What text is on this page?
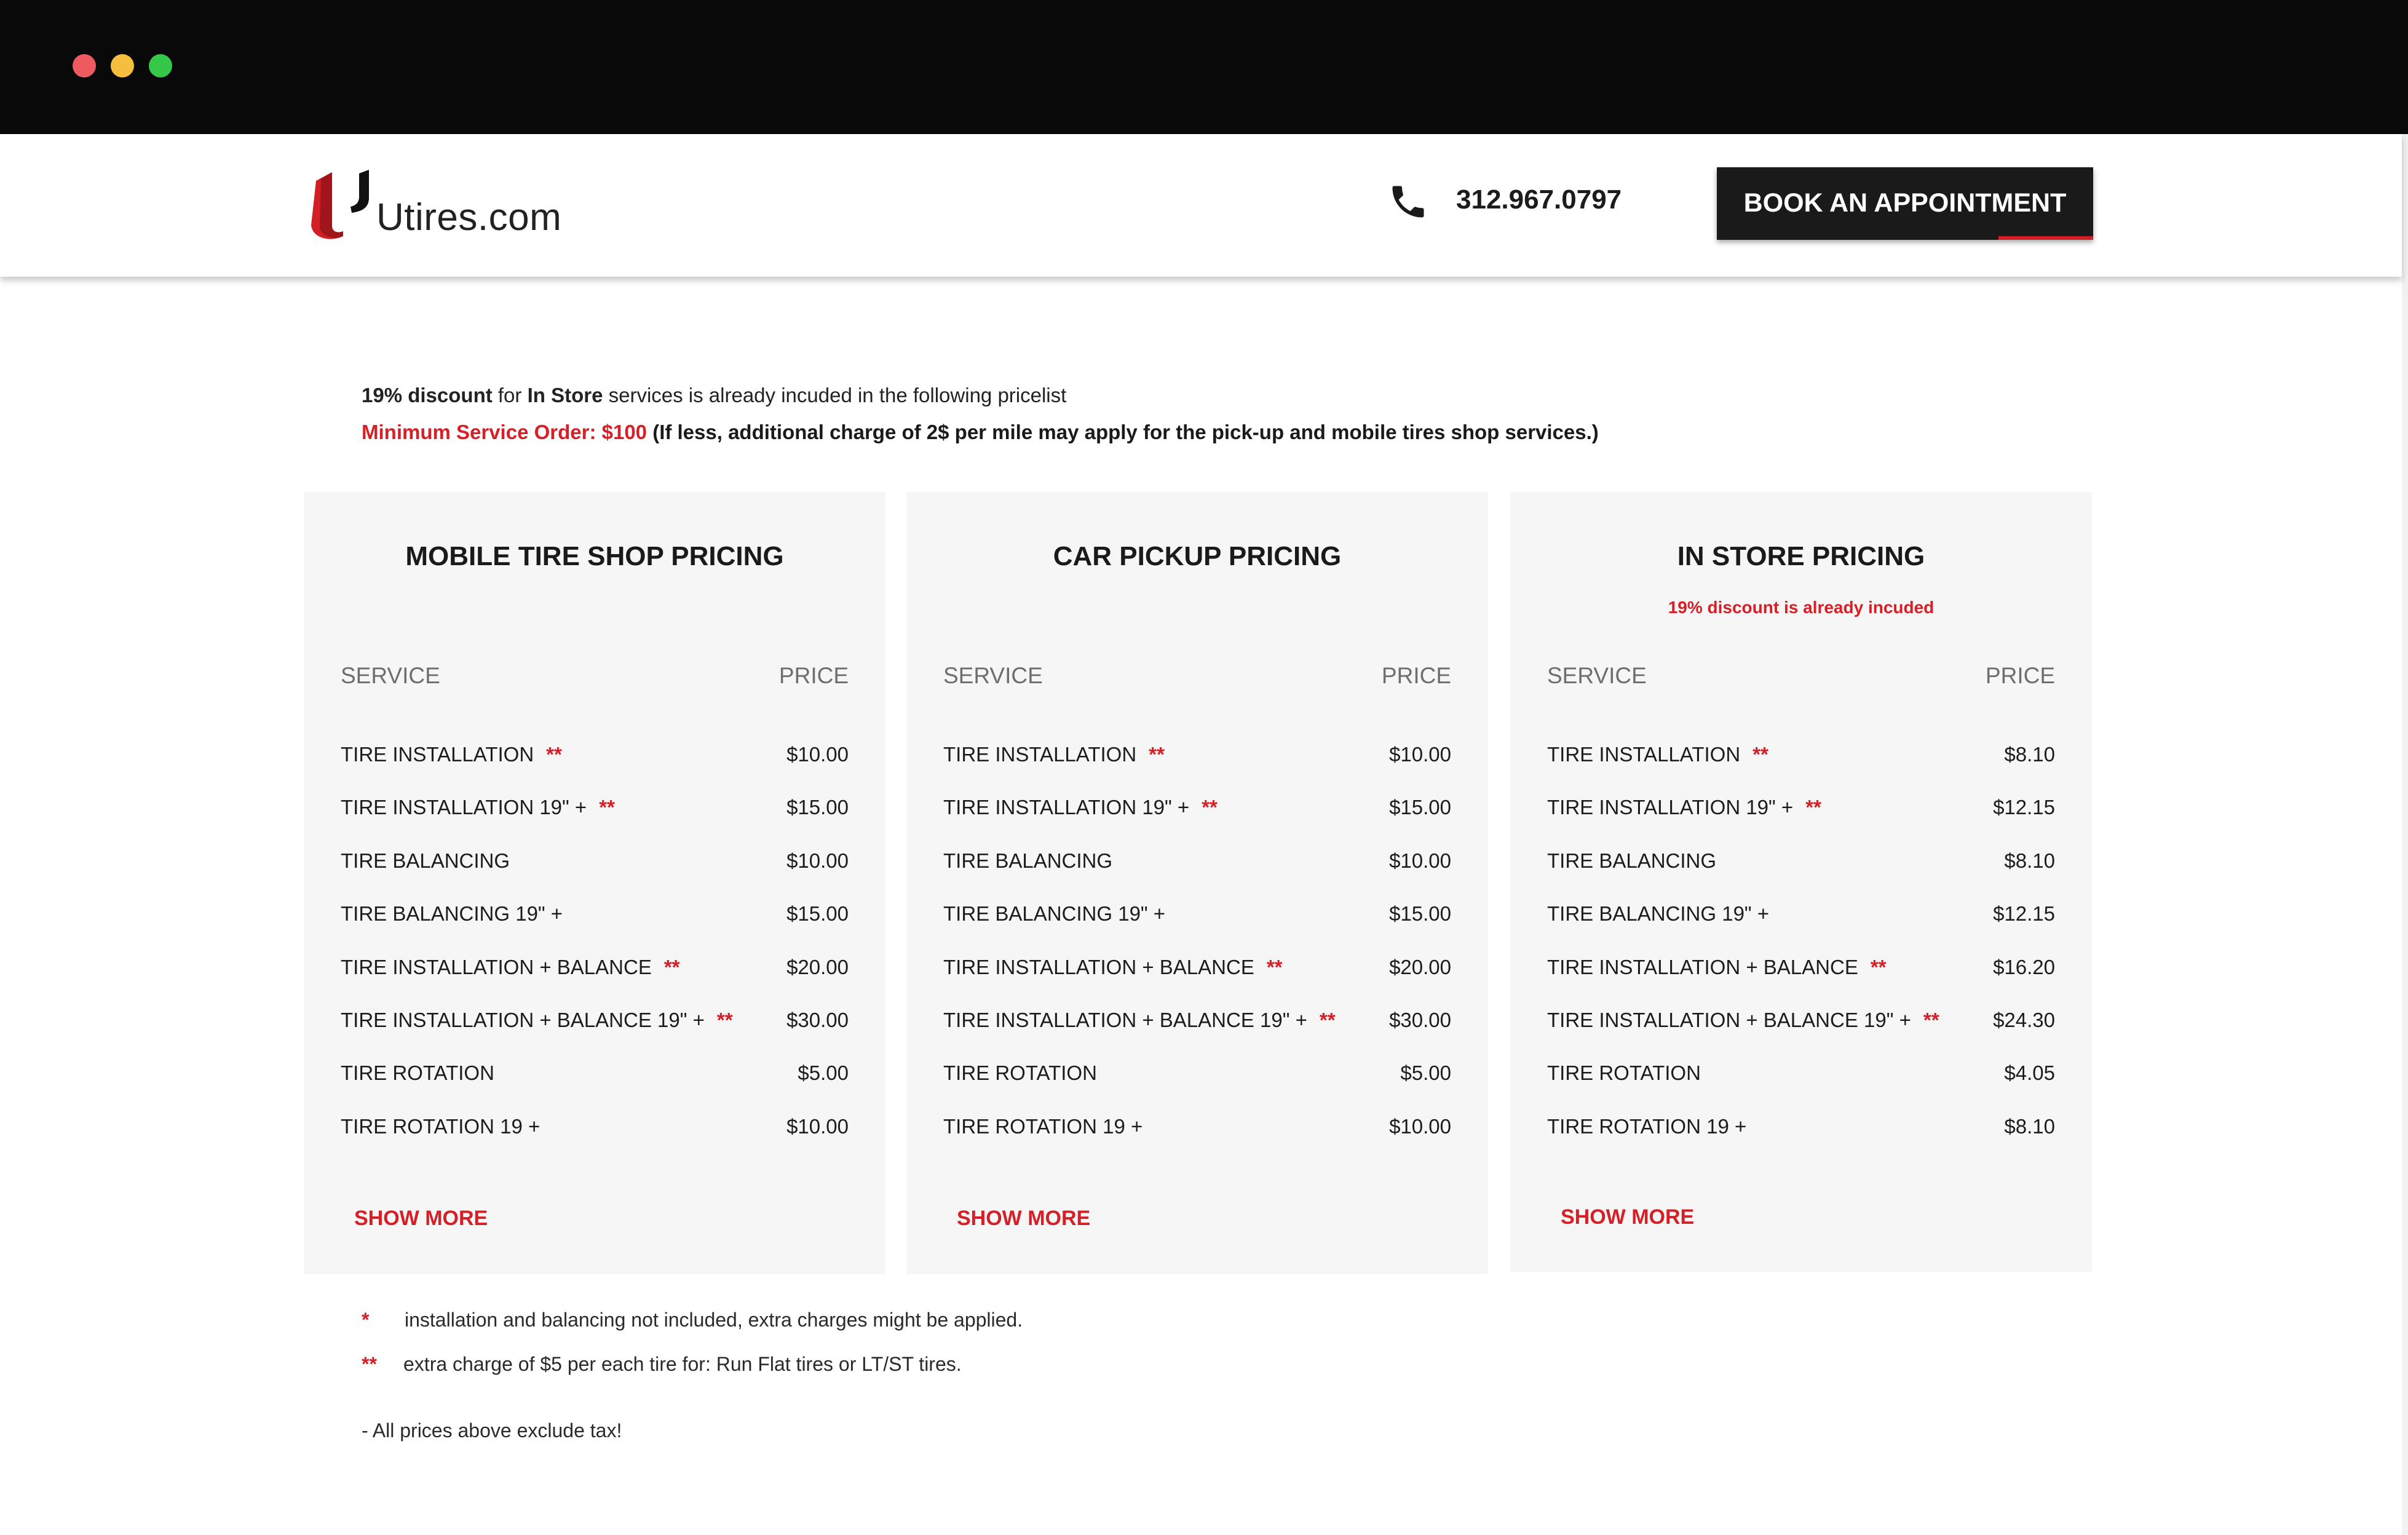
Utires.com	312.967.0797	BOOK AN APPOINTMENT
19% discount for In Store services is already incuded in the following pricelist
Minimum Service Order: $100 (If less, additional charge of 2$ per mile may apply for the pick-up and mobile tires shop services.)
MOBILE TIRE SHOP PRICING
SERVICE	PRICE
TIRE INSTALLATION **	$10.00
TIRE INSTALLATION 19" + **	$15.00
TIRE BALANCING	$10.00
TIRE BALANCING 19" +	$15.00
TIRE INSTALLATION + BALANCE **	$20.00
TIRE INSTALLATION + BALANCE 19" + **	$30.00
TIRE ROTATION	$5.00
TIRE ROTATION 19 +	$10.00
SHOW MORE
CAR PICKUP PRICING
SERVICE	PRICE
TIRE INSTALLATION **	$10.00
TIRE INSTALLATION 19" + **	$15.00
TIRE BALANCING	$10.00
TIRE BALANCING 19" +	$15.00
TIRE INSTALLATION + BALANCE **	$20.00
TIRE INSTALLATION + BALANCE 19" + **	$30.00
TIRE ROTATION	$5.00
TIRE ROTATION 19 +	$10.00
SHOW MORE
IN STORE PRICING
19% discount is already incuded
SERVICE	PRICE
TIRE INSTALLATION **	$8.10
TIRE INSTALLATION 19" + **	$12.15
TIRE BALANCING	$8.10
TIRE BALANCING 19" +	$12.15
TIRE INSTALLATION + BALANCE **	$16.20
TIRE INSTALLATION + BALANCE 19" + **	$24.30
TIRE ROTATION	$4.05
TIRE ROTATION 19 +	$8.10
SHOW MORE
* installation and balancing not included, extra charges might be applied.
** extra charge of $5 per each tire for: Run Flat tires or LT/ST tires.
- All prices above exclude tax!
